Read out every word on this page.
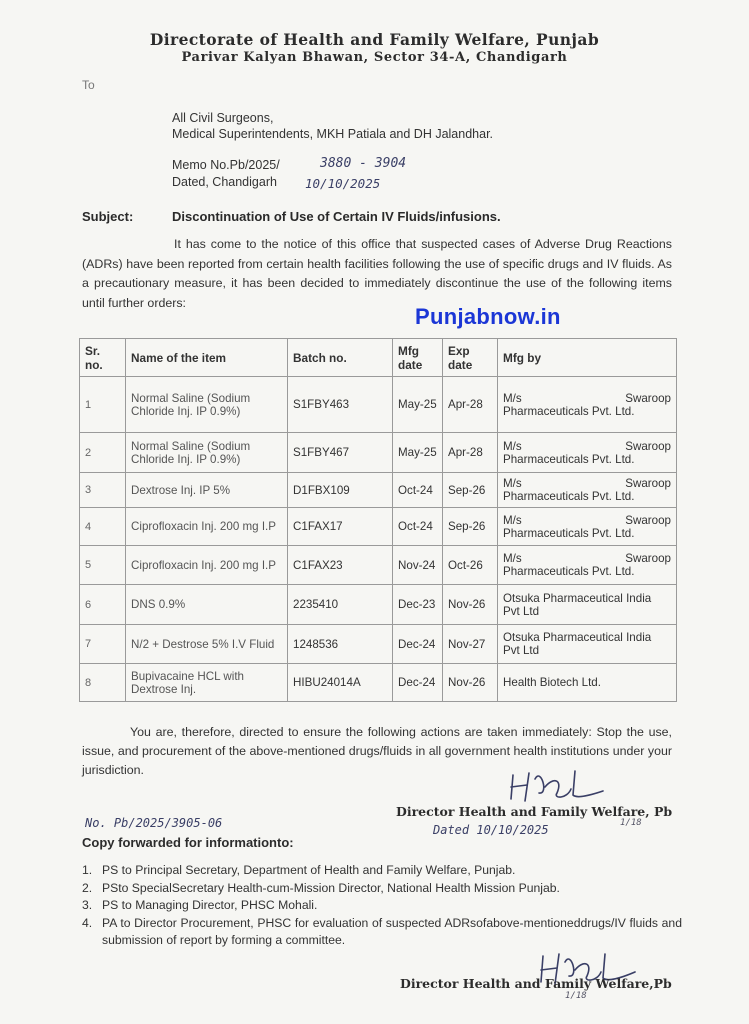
Directorate of Health and Family Welfare, Punjab
Parivar Kalyan Bhawan, Sector 34-A, Chandigarh
To
All Civil Surgeons,
Medical Superintendents, MKH Patiala and DH Jalandhar.
Memo No.Pb/2025/	3880 - 3904
Dated, Chandigarh 10/10/2025
Subject:	Discontinuation of Use of Certain IV Fluids/infusions.
It has come to the notice of this office that suspected cases of Adverse Drug Reactions (ADRs) have been reported from certain health facilities following the use of specific drugs and IV fluids. As a precautionary measure, it has been decided to immediately discontinue the use of the following items until further orders:
Punjabnow.in
Sr. no.	Name of the item	Batch no.	Mfg date	Exp date	Mfg by
1	Normal Saline (Sodium Chloride Inj. IP 0.9%)	S1FBY463	May-25	Apr-28	M/s Swaroop
Pharmaceuticals Pvt. Ltd.

2	Normal Saline (Sodium Chloride Inj. IP 0.9%)	S1FBY467	May-25	Apr-28	M/s Swaroop
Pharmaceuticals Pvt. Ltd.

3	Dextrose Inj. IP 5%	D1FBX109	Oct-24	Sep-26	M/s Swaroop
Pharmaceuticals Pvt. Ltd.

4	Ciprofloxacin Inj. 200 mg I.P	C1FAX17	Oct-24	Sep-26	M/s Swaroop
Pharmaceuticals Pvt. Ltd.

5	Ciprofloxacin Inj. 200 mg I.P	C1FAX23	Nov-24	Oct-26	M/s Swaroop
Pharmaceuticals Pvt. Ltd.

6	DNS 0.9%	2235410	Dec-23	Nov-26	Otsuka Pharmaceutical India
Pvt Ltd

7	N/2 + Destrose 5% I.V Fluid	1248536	Dec-24	Nov-27	Otsuka Pharmaceutical India
Pvt Ltd

8	Bupivacaine HCL with Dextrose Inj.	HIBU24014A	Dec-24	Nov-26	Health Biotech Ltd.
You are, therefore, directed to ensure the following actions are taken immediately: Stop the use, issue, and procurement of the above-mentioned drugs/fluids in all government health institutions under your jurisdiction.
Director Health and Family Welfare, Pb
1/18
Dated 10/10/2025
No. Pb/2025/3905-06
Copy forwarded for informationto:
1. PS to Principal Secretary, Department of Health and Family Welfare, Punjab.
2. PSto SpecialSecretary Health-cum-Mission Director, National Health Mission Punjab.
3. PS to Managing Director, PHSC Mohali.
4. PA to Director Procurement, PHSC for evaluation of suspected ADRsofabove-mentioneddrugs/IV fluids and submission of report by forming a committee.
Director Health and Family Welfare,Pb
1/18
